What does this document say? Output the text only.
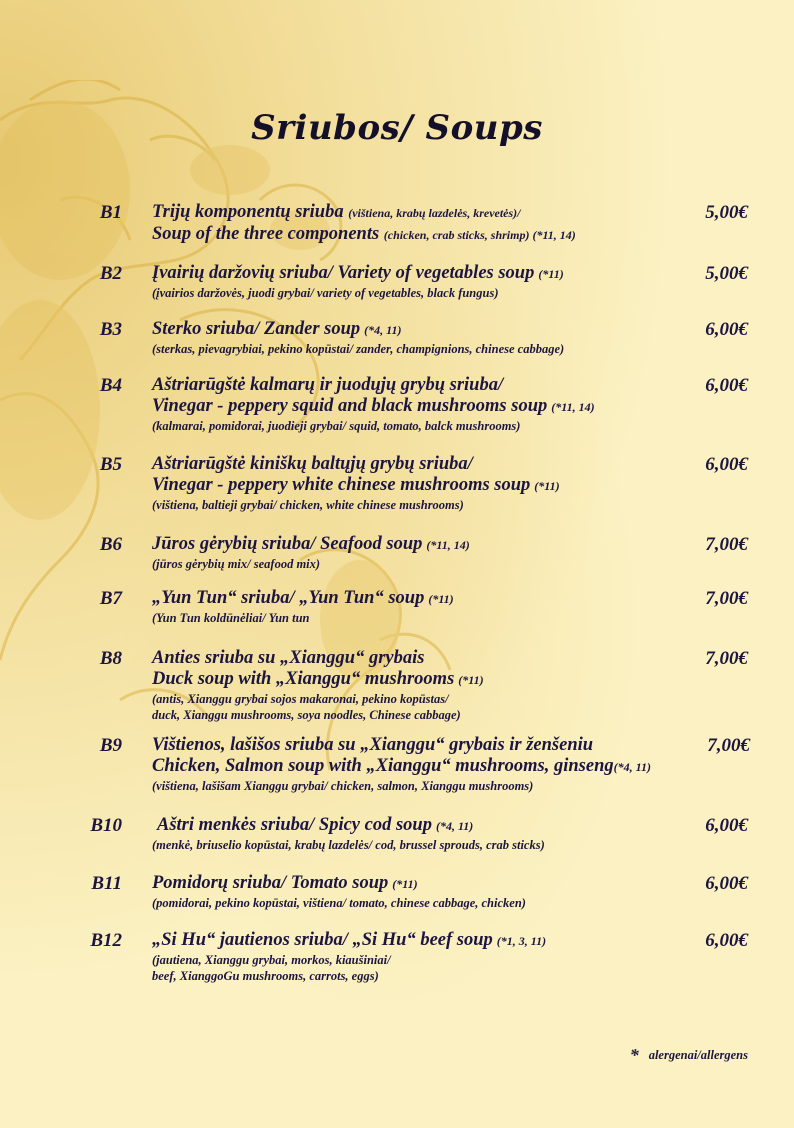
Sriubos/ Soups
B1 Trijų komponentų sriuba (vištiena, krabų lazdelės, krevetės)/
Soup of the three components (chicken, crab sticks, shrimp) (*11, 14)
5,00€
B2 Įvairių daržovių sriuba/ Variety of vegetables soup (*11)
(įvairios daržovės, juodi grybai/ variety of vegetables, black fungus)
5,00€
B3 Sterko sriuba/ Zander soup (*4, 11)
(sterkas, pievagrybiai, pekino kopūstai/ zander, champignions, chinese cabbage)
6,00€
B4 Aštriarūgštė kalmarų ir juodųjų grybų sriuba/
Vinegar - peppery squid and black mushrooms soup (*11, 14)
(kalmarai, pomidorai, juodieji grybai/ squid, tomato, balck mushrooms)
6,00€
B5 Aštriarūgštė kiniškų baltųjų grybų sriuba/
Vinegar - peppery white chinese mushrooms soup (*11)
(vištiena, baltieji grybai/ chicken, white chinese mushrooms)
6,00€
B6 Jūros gėrybių sriuba/ Seafood soup (*11, 14)
(jūros gėrybių mix/ seafood mix)
7,00€
B7 „Yun Tun“ sriuba/ „Yun Tun“ soup (*11)
(Yun Tun koldūnėliai/ Yun tun
7,00€
B8 Anties sriuba su „Xianggu“ grybais
Duck soup with „Xianggu“ mushrooms (*11)
(antis, Xianggu grybai sojos makaronai, pekino kopūstas/
duck, Xianggu mushrooms, soya noodles, Chinese cabbage)
7,00€
B9 Vištienos, lašišos sriuba su „Xianggu“ grybais ir ženšeniu
Chicken, Salmon soup with „Xianggu“ mushrooms, ginseng(*4, 11)
(vištiena, lašišam Xianggu grybai/ chicken, salmon, Xianggu mushrooms)
7,00€
B10 Aštri menkės sriuba/ Spicy cod soup (*4, 11)
(menkė, briuselio kopūstai, krabų lazdelės/ cod, brussel sprouds, crab sticks)
6,00€
B11 Pomidorų sriuba/ Tomato soup (*11)
(pomidorai, pekino kopūstai, vištiena/ tomato, chinese cabbage, chicken)
6,00€
B12 „Si Hu“ jautienos sriuba/ „Si Hu“ beef soup (*1, 3, 11)
(jautiena, Xianggu grybai, morkos, kiaušiniai/
beef, XianggoGu mushrooms, carrots, eggs)
6,00€
* alergenai/allergens
